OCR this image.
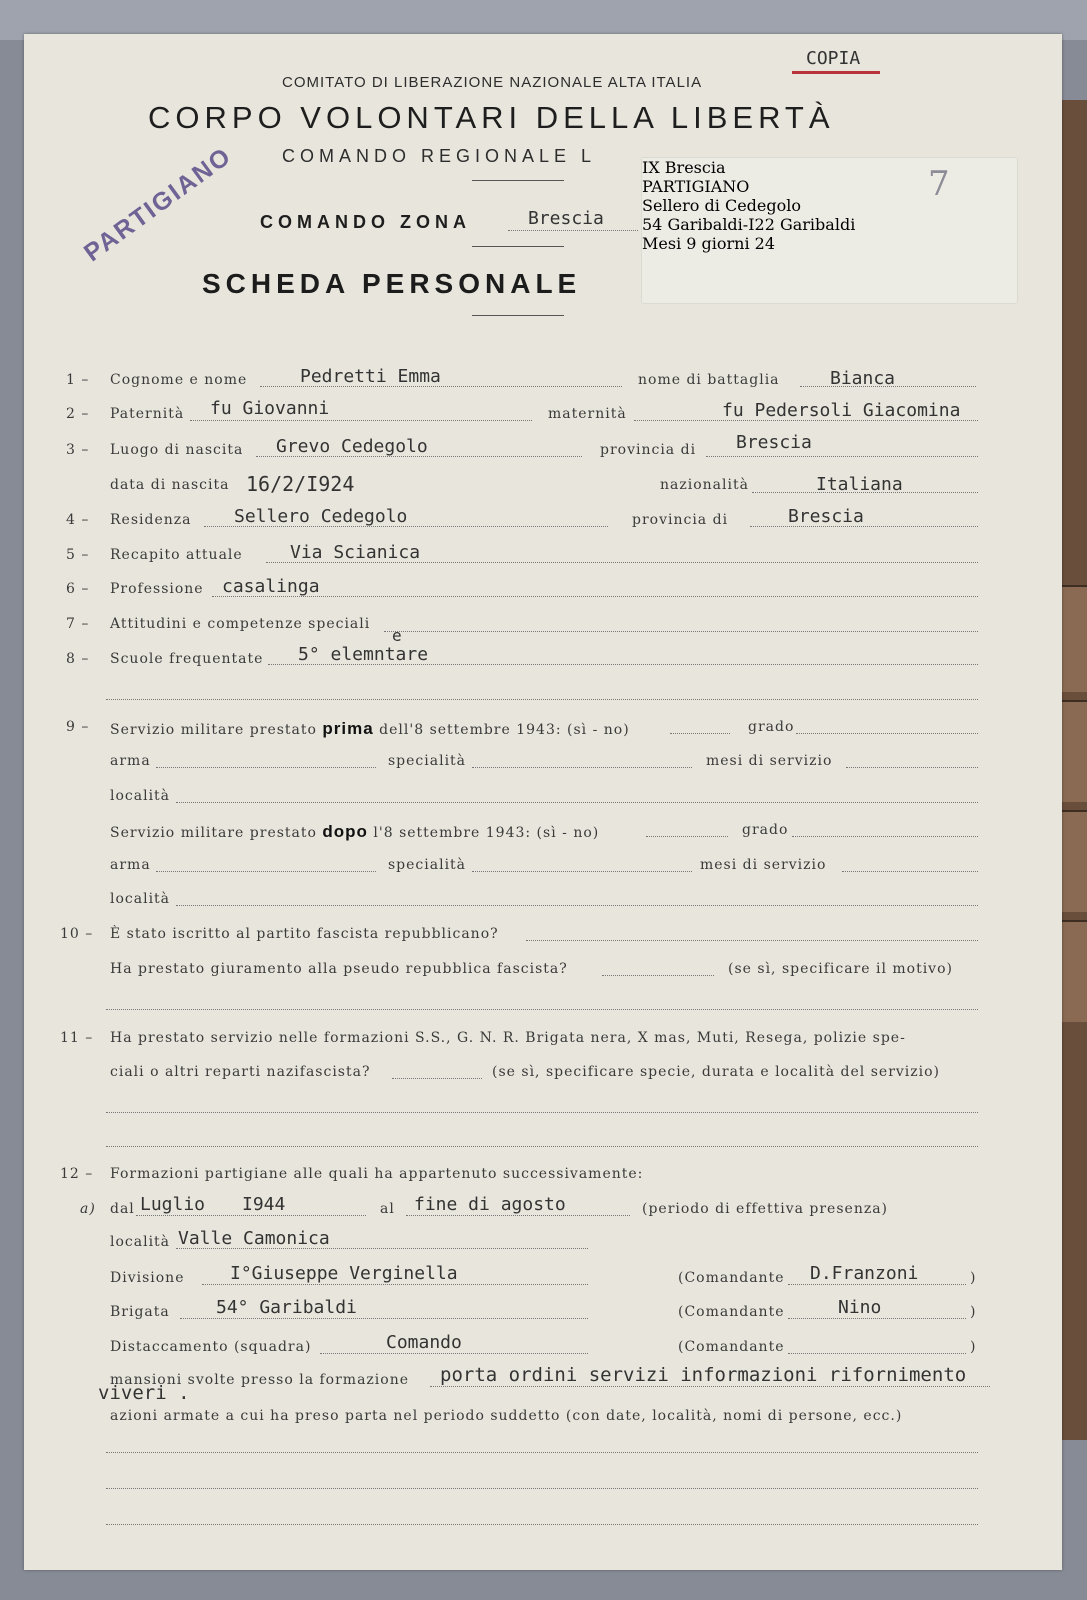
COPIA
COMITATO DI LIBERAZIONE NAZIONALE ALTA ITALIA
CORPO VOLONTARI DELLA LIBERTÀ
COMANDO REGIONALE L
COMANDO ZONA	Brescia
PARTIGIANO
SCHEDA PERSONALE
IX Brescia
PARTIGIANO
Sellero di Cedegolo
54 Garibaldi-I22 Garibaldi
Mesi 9 giorni 24
7
1 – Cognome e nome	Pedretti Emma	nome di battaglia	Bianca
2 – Paternità fu Giovanni	maternità	fu Pedersoli Giacomina
3 – Luogo di nascita Grevo Cedegolo	provincia di Brescia
data di nascita 16/2/I924	nazionalità	Italiana
4 – Residenza Sellero Cedegolo	provincia di	Brescia
5 – Recapito attuale	Via Scianica
6 – Professione casalinga
7 – Attitudini e competenze speciali
8 – Scuole frequentate 5° elemntare
e
9 – Servizio militare prestato prima dell'8 settembre 1943: (sì - no)	grado
arma	specialità	mesi di servizio
località
Servizio militare prestato dopo l'8 settembre 1943: (sì - no)	grado
arma	specialità	mesi di servizio
località
10 – È stato iscritto al partito fascista repubblicano?
Ha prestato giuramento alla pseudo repubblica fascista?	(se sì, specificare il motivo)
11 – Ha prestato servizio nelle formazioni S.S., G. N. R. Brigata nera, X mas, Muti, Resega, polizie spe-
ciali o altri reparti nazifascista?	(se sì, specificare specie, durata e località del servizio)
12 – Formazioni partigiane alle quali ha appartenuto successivamente:
a) dal Luglio I944	al fine di agosto	(periodo di effettiva presenza)
località Valle Camonica
Divisione	I°Giuseppe Verginella	(Comandante D.Franzoni	)
Brigata	54° Garibaldi	(Comandante	Nino	)
Distaccamento (squadra)	Comando	(Comandante	)
mansioni svolte presso la formazione porta ordini servizi informazioni rifornimento
viveri .
azioni armate a cui ha preso parta nel periodo suddetto (con date, località, nomi di persone, ecc.)
